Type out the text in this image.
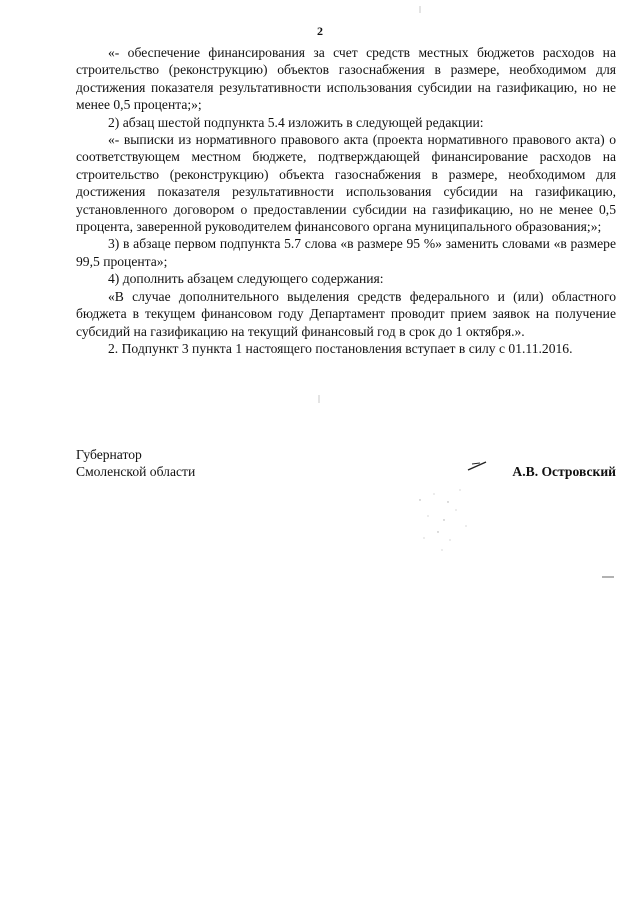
2

«- обеспечение финансирования за счет средств местных бюджетов расходов на строительство (реконструкцию) объектов газоснабжения в размере, необходимом для достижения показателя результативности использования субсидии на газификацию, но не менее 0,5 процента;»;

2) абзац шестой подпункта 5.4 изложить в следующей редакции:

«- выписки из нормативного правового акта (проекта нормативного правового акта) о соответствующем местном бюджете, подтверждающей финансирование расходов на строительство (реконструкцию) объекта газоснабжения в размере, необходимом для достижения показателя результативности использования субсидии на газификацию, установленного договором о предоставлении субсидии на газификацию, но не менее 0,5 процента, заверенной руководителем финансового органа муниципального образования;»;

3) в абзаце первом подпункта 5.7 слова «в размере 95 %» заменить словами «в размере 99,5 процента»;

4) дополнить абзацем следующего содержания:

«В случае дополнительного выделения средств федерального и (или) областного бюджета в текущем финансовом году Департамент проводит прием заявок на получение субсидий на газификацию на текущий финансовый год в срок до 1 октября.».

2. Подпункт 3 пункта 1 настоящего постановления вступает в силу с 01.11.2016.

Губернатор

Смоленской области	А.В. Островский
